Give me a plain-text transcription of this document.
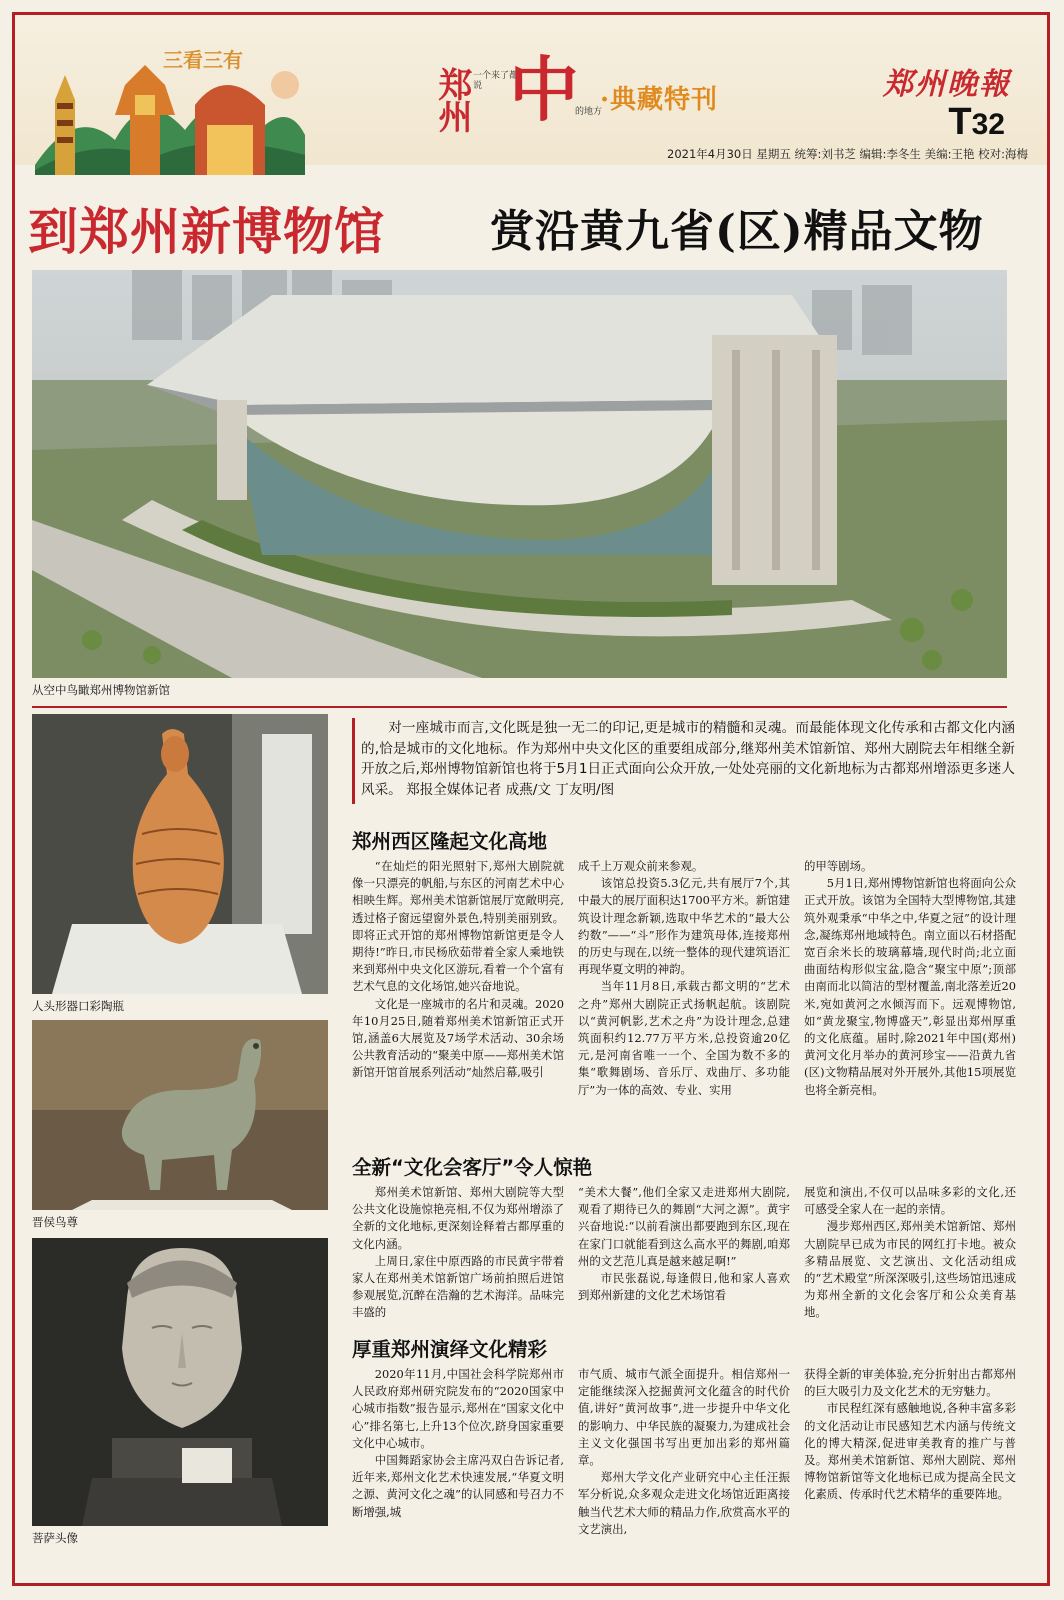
三看三有
郑州 一个来了都说 中
的地方
·典藏特刊	郑州晚報
T32
2021年4月30日 星期五 统筹:刘书芝 编辑:李冬生 美编:王艳 校对:海梅
到郑州新博物馆 赏沿黄九省(区)精品文物
从空中鸟瞰郑州博物馆新馆
人头形器口彩陶瓶
晋侯鸟尊
菩萨头像

对一座城市而言,文化既是独一无二的印记,更是城市的精髓和灵魂。而最能体现文化传承和古都文化内涵的,恰是城市的文化地标。作为郑州中央文化区的重要组成部分,继郑州美术馆新馆、郑州大剧院去年相继全新开放之后,郑州博物馆新馆也将于5月1日正式面向公众开放,一处处亮丽的文化新地标为古都郑州增添更多迷人风采。 郑报全媒体记者 成燕/文 丁友明/图

郑州西区隆起文化高地

“在灿烂的阳光照射下,郑州大剧院就像一只漂亮的帆船,与东区的河南艺术中心相映生辉。郑州美术馆新馆展厅宽敞明亮,透过格子窗远望窗外景色,特别美丽别致。即将正式开馆的郑州博物馆新馆更是令人期待!”昨日,市民杨欣茹带着全家人乘地铁来到郑州中央文化区游玩,看着一个个富有艺术气息的文化场馆,她兴奋地说。

文化是一座城市的名片和灵魂。2020年10月25日,随着郑州美术馆新馆正式开馆,涵盖6大展览及7场学术活动、30余场公共教育活动的“聚美中原——郑州美术馆新馆开馆首展系列活动”灿然启幕,吸引

成千上万观众前来参观。

该馆总投资5.3亿元,共有展厅7个,其中最大的展厅面积达1700平方米。新馆建筑设计理念新颖,选取中华艺术的“最大公约数”——“斗”形作为建筑母体,连接郑州的历史与现在,以统一整体的现代建筑语汇再现华夏文明的神韵。

当年11月8日,承载古都文明的“艺术之舟”郑州大剧院正式扬帆起航。该剧院以“黄河帆影,艺术之舟”为设计理念,总建筑面积约12.77万平方米,总投资逾20亿元,是河南省唯一一个、全国为数不多的集“歌舞剧场、音乐厅、戏曲厅、多功能厅”为一体的高效、专业、实用

的甲等剧场。

5月1日,郑州博物馆新馆也将面向公众正式开放。该馆为全国特大型博物馆,其建筑外观秉承“中华之中,华夏之冠”的设计理念,凝练郑州地域特色。南立面以石材搭配宽百余米长的玻璃幕墙,现代时尚;北立面曲面结构形似宝盆,隐含“聚宝中原”;顶部由南而北以简洁的型材覆盖,南北落差近20米,宛如黄河之水倾泻而下。远观博物馆,如“黄龙聚宝,物博盛天”,彰显出郑州厚重的文化底蕴。届时,除2021年中国(郑州)黄河文化月举办的黄河珍宝——沿黄九省(区)文物精品展对外开展外,其他15项展览也将全新亮相。

全新“文化会客厅”令人惊艳

郑州美术馆新馆、郑州大剧院等大型公共文化设施惊艳亮相,不仅为郑州增添了全新的文化地标,更深刻诠释着古都厚重的文化内涵。

上周日,家住中原西路的市民黄宇带着家人在郑州美术馆新馆广场前拍照后进馆参观展览,沉醉在浩瀚的艺术海洋。品味完丰盛的

“美术大餐”,他们全家又走进郑州大剧院,观看了期待已久的舞剧“大河之源”。黄宇兴奋地说:“以前看演出都要跑到东区,现在在家门口就能看到这么高水平的舞剧,咱郑州的文艺范儿真是越来越足啊!”

市民张磊说,每逢假日,他和家人喜欢到郑州新建的文化艺术场馆看

展览和演出,不仅可以品味多彩的文化,还可感受全家人在一起的亲情。

漫步郑州西区,郑州美术馆新馆、郑州大剧院早已成为市民的网红打卡地。被众多精品展览、文艺演出、文化活动组成的“艺术殿堂”所深深吸引,这些场馆迅速成为郑州全新的文化会客厅和公众美育基地。

厚重郑州演绎文化精彩

2020年11月,中国社会科学院郑州市人民政府郑州研究院发布的“2020国家中心城市指数”报告显示,郑州在“国家文化中心”排名第七,上升13个位次,跻身国家重要文化中心城市。

中国舞蹈家协会主席冯双白告诉记者,近年来,郑州文化艺术快速发展,“华夏文明之源、黄河文化之魂”的认同感和号召力不断增强,城

市气质、城市气派全面提升。相信郑州一定能继续深入挖掘黄河文化蕴含的时代价值,讲好“黄河故事”,进一步提升中华文化的影响力、中华民族的凝聚力,为建成社会主义文化强国书写出更加出彩的郑州篇章。

郑州大学文化产业研究中心主任汪振军分析说,众多观众走进文化场馆近距离接触当代艺术大师的精品力作,欣赏高水平的文艺演出,

获得全新的审美体验,充分折射出古都郑州的巨大吸引力及文化艺术的无穷魅力。

市民程红深有感触地说,各种丰富多彩的文化活动让市民感知艺术内涵与传统文化的博大精深,促进审美教育的推广与普及。郑州美术馆新馆、郑州大剧院、郑州博物馆新馆等文化地标已成为提高全民文化素质、传承时代艺术精华的重要阵地。
